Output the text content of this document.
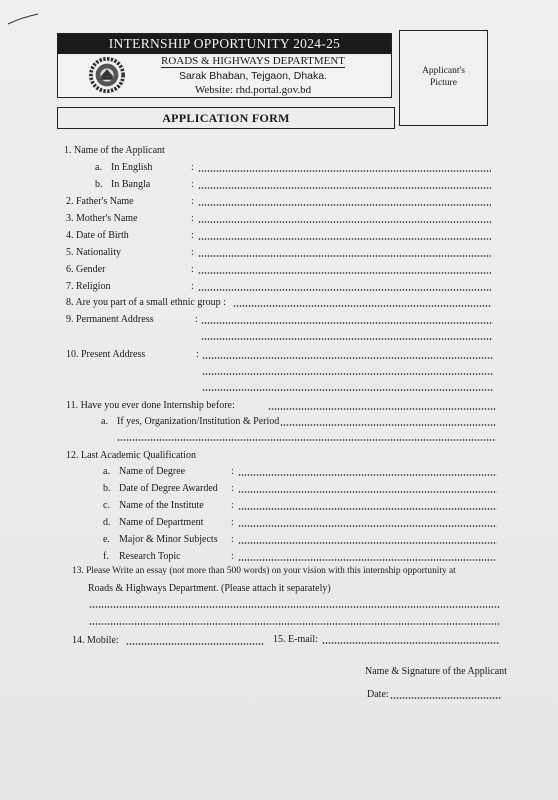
INTERNSHIP OPPORTUNITY 2024-25
ROADS & HIGHWAYS DEPARTMENT
Sarak Bhaban, Tejgaon, Dhaka.
Website: rhd.portal.gov.bd
Applicant's
Picture
APPLICATION FORM
1. Name of the Applicant
a. In English	:
b. In Bangla	:
2. Father's Name	:
3. Mother's Name	:
4. Date of Birth	:
5. Nationality	:
6. Gender	:
7. Religion	:
8. Are you part of a small ethnic group :
9. Permanent Address	:
10. Present Address	:
11. Have you ever done Internship before:
a. If yes, Organization/Institution & Period
12. Last Academic Qualification
a. Name of Degree	:
b. Date of Degree Awarded :
c. Name of the Institute	:
d. Name of Department	:
e. Major & Minor Subjects :
f. Research Topic	:
13. Please Write an essay (not more than 500 words) on your vision with this internship opportunity at
Roads & Highways Department. (Please attach it separately)
14. Mobile:	15. E-mail:
Name & Signature of the Applicant
Date:
